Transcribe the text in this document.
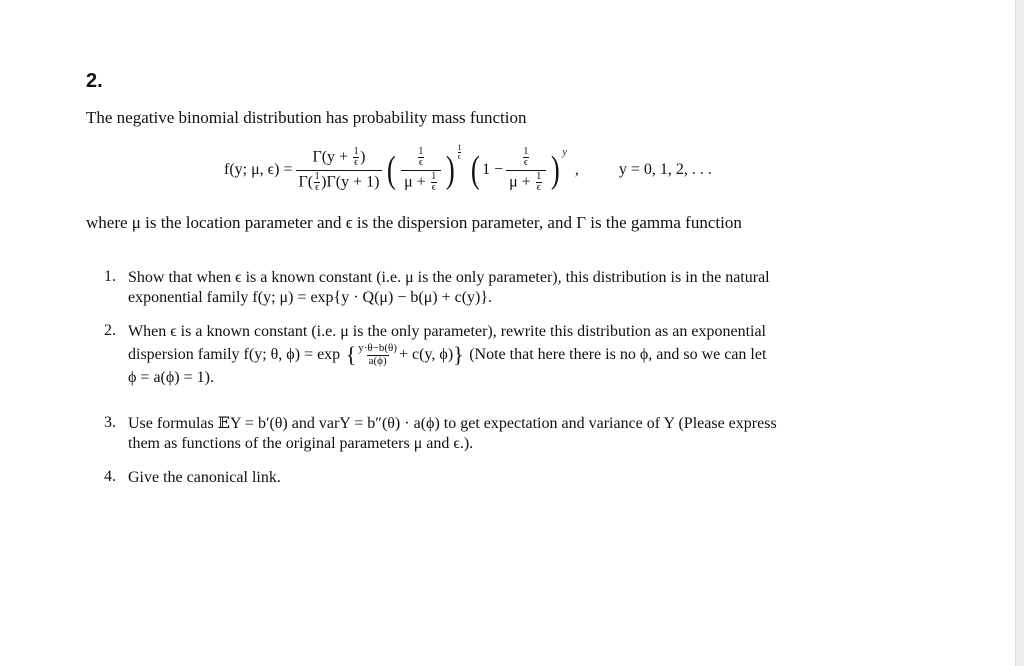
2.
The negative binomial distribution has probability mass function
f(y; μ, $\epsilon) = \frac{\Gamma(y + \frac{1}{\epsilon} )}{\Gamma( \frac{1}{\epsilon} )\Gamma(y + 1)}$ ( $\frac{\frac{1}{\epsilon}}{\mu + \frac{1}{\epsilon}}$ )
1
ϵ ( $1 - \frac{\frac{1}{\epsilon}}{\mu + \frac{1}{\epsilon}}$ ) y
,	y = 0, 1, 2, . . .
where μ is the location parameter and ϵ is the dispersion parameter, and Γ is the gamma function
1. Show that when ϵ is a known constant (i.e. μ is the only parameter), this distribution is in the natural
exponential family f(y; μ) = exp{y · Q(μ) − b(μ) + c(y)}.
2. When ϵ is a known constant (i.e. μ is the only parameter), rewrite this distribution as an exponential
dispersion family f(y; θ, ϕ) = exp { $\frac{y\cdot\theta-b(\theta)}{a(\phi)} + c(y$, ϕ) } (Note that here there is no ϕ, and so we can let
ϕ = a(ϕ) = 1).
3. Use formulas 𝔼Y = b′(θ) and varY = b″(θ) · a(ϕ) to get expectation and variance of Y (Please express
them as functions of the original parameters μ and ϵ.).
4. Give the canonical link.
